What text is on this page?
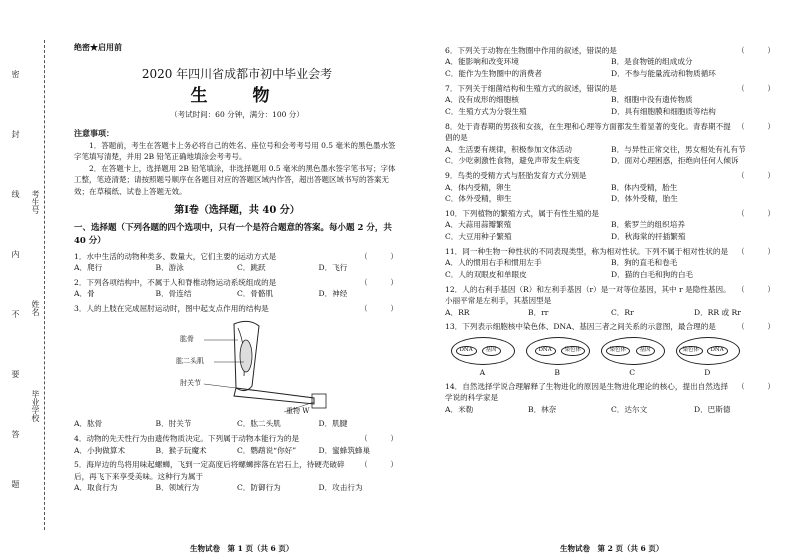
密
封
线
内
不
要
答
题
考生号
姓名
毕业学校
绝密★启用前
2020 年四川省成都市初中毕业会考
生　物
（考试时间：60 分钟，满分：100 分）
注意事项：
1．答题前，考生在答题卡上务必将自己的姓名、座位号和会考考号用 0.5 毫米的黑色墨水签字笔填写清楚，并用 2B 铅笔正确地填涂会考考号。
2．在答题卡上，选择题用 2B 铅笔填涂，非选择题用 0.5 毫米的黑色墨水签字笔书写；字体工整，笔迹清楚；请按照题号顺序在各题目对应的答题区域内作答，超出答题区域书写的答案无效；在草稿纸、试卷上答题无效。
第Ⅰ卷（选择题，共 40 分）
一、选择题（下列各题的四个选项中，只有一个是符合题意的答案。每小题 2 分，共 40 分）
1．水中生活的动物种类多、数量大，它们主要的运动方式是	（　　　）
A．爬行	B．游泳	C．跳跃	D．飞行
2．下列各项结构中，不属于人和脊椎动物运动系统组成的是	（　　　）
A．骨	B．骨连结	C．骨骼肌	D．神经
3．人的上肢在完成屈肘运动时，图中起支点作用的结构是	（　　　）
肱骨
肱二头肌
肘关节
重物 W
A．肱骨	B．肘关节	C．肱二头肌	D．肌腱
4．动物的先天性行为由遗传物质决定。下列属于动物本能行为的是	（　　　）
A．小狗做算术	B．猴子玩魔术	C．鹦鹉说“你好”	D．蜜蜂筑蜂巢
5．海岸边的鸟将用味起螺蛳，飞到一定高度后将螺蛳摔落在岩石上，待硬壳破碎后，再飞下来享受美味。这种行为属于
（　　　）
A．取食行为	B．领域行为	C．防御行为	D．攻击行为
生物试卷　第 1 页（共 6 页）
6．下列关于动物在生物圈中作用的叙述，错误的是	（　　　）
A．能影响和改变环境	B．是食物链的组成成分
C．能作为生物圈中的消费者	D．不参与能量流动和物质循环
7．下列关于细菌结构和生殖方式的叙述，错误的是	（　　　）
A．没有成形的细胞核	B．细胞中没有遗传物质
C．生殖方式为分裂生殖	D．具有细胞膜和细胞质等结构
8．处于青春期的男孩和女孩，在生理和心理等方面都发生着显著的变化。青春期不提倡的是
（　　　）
A．生活要有规律，积极参加文体活动	B．与异性正常交往，男女相处有礼有节
C．少吃刺激性食物，避免声带发生病变	D．面对心理困惑，拒绝向任何人倾诉
9．鸟类的受精方式与胚胎发育方式分别是	（　　　）
A．体内受精，卵生	B．体内受精，胎生
C．体外受精，卵生	D．体外受精，胎生
10．下列植物的繁殖方式，属于有性生殖的是	（　　　）
A．大蒜用蒜瓣繁殖	B．紫罗兰的组织培养
C．大豆用种子繁殖	D．秋海棠的扦插繁殖
11．同一种生物一种性状的不同表现类型，称为相对性状。下列不属于相对性状的是 （　　　）
A．人的惯用右手和惯用左手	B．狗的直毛和卷毛
C．人的双眼皮和单眼皮	D．猫的白毛和狗的白毛
12．人的右利手基因（R）和左利手基因（r）是一对等位基因，其中 r 是隐性基因。小丽平常是左利手，其基因型是
（　　　）
A．RR	B．rr	C．Rr	D．RR 或 Rr
13．下列表示细胞核中染色体、DNA、基因三者之间关系的示意图，最合理的是	（　　　）
DNA	基因	DNA	染色体	染色体	基因	染色体	DNA
A	B	C	D
14．自然选择学说合理解释了生物进化的原因是生物进化理论的核心，提出自然选择学说的科学家是
（　　　）
A．米勒	B．林奈	C．达尔文	D．巴斯德
生物试卷　第 2 页（共 6 页）
